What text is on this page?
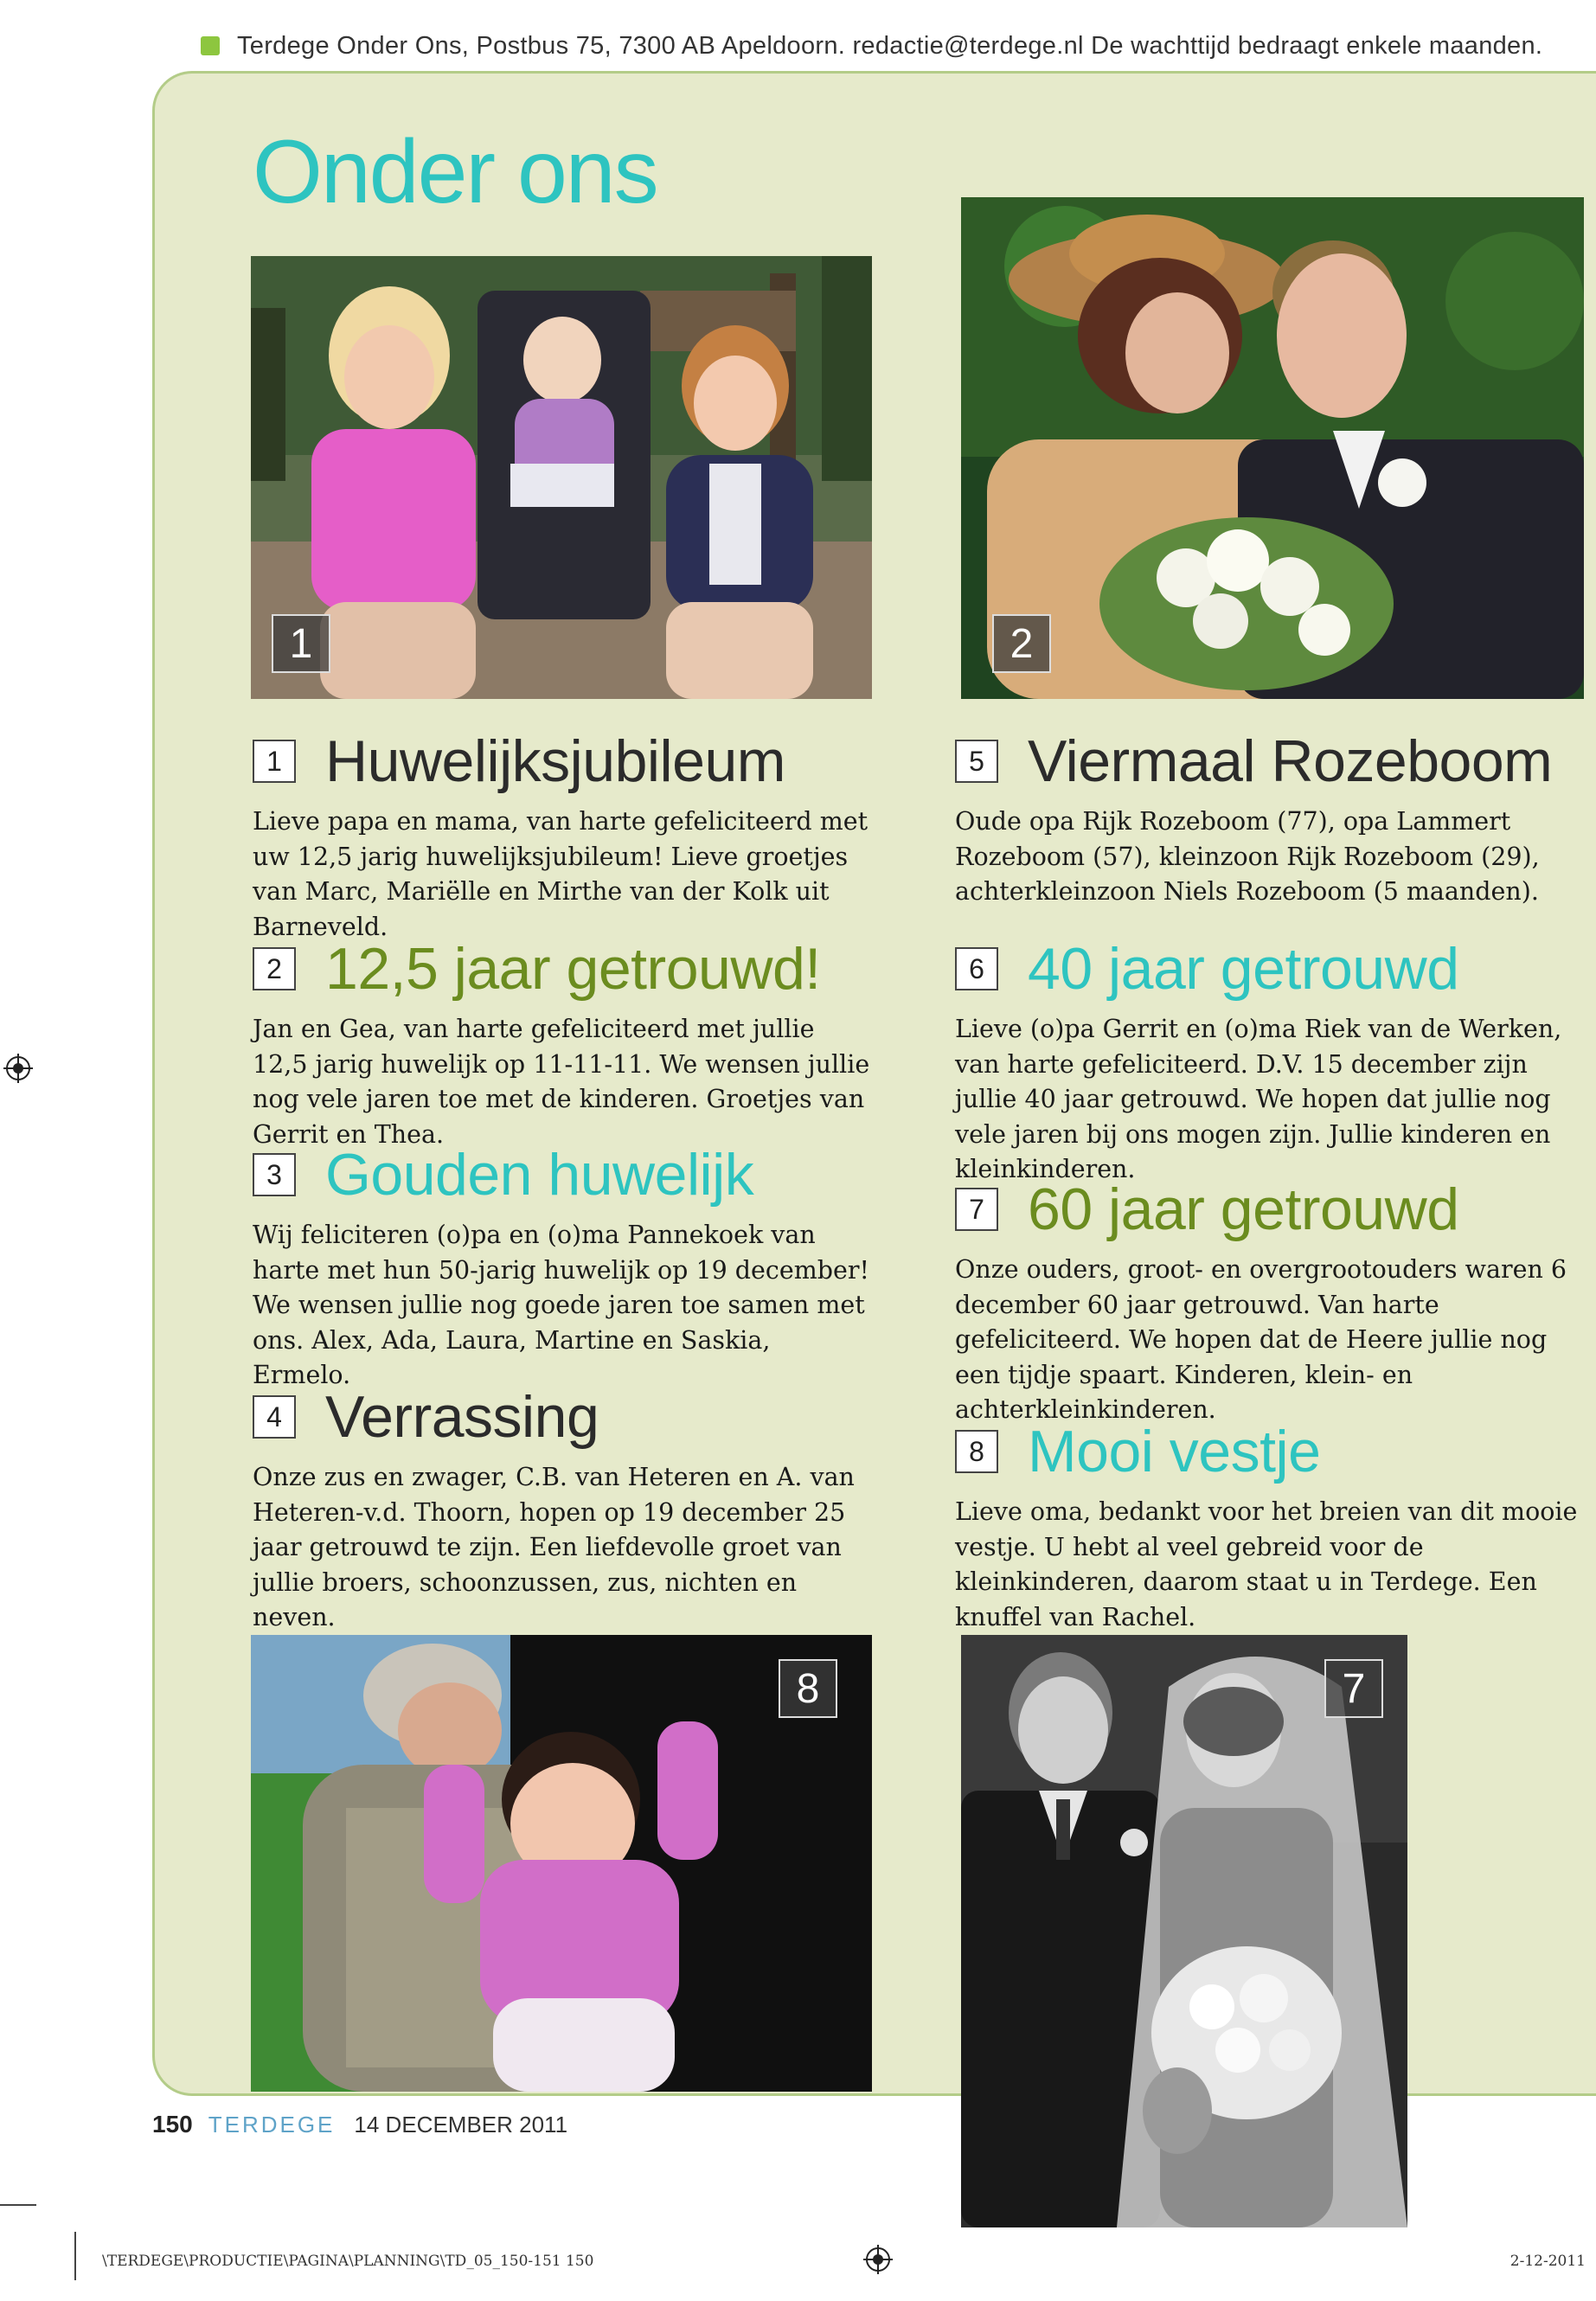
Terdege Onder Ons, Postbus 75, 7300 AB Apeldoorn. redactie@terdege.nl De wachttijd bedraagt enkele maanden.
Onder ons
1	2
1 Huwelijksjubileum

Lieve papa en mama, van harte gefeliciteerd met uw 12,5 jarig huwelijksjubileum! Lieve groetjes van Marc, Mariëlle en Mirthe van der Kolk uit Barneveld.

2 12,5 jaar getrouwd!

Jan en Gea, van harte gefeliciteerd met jullie 12,5 jarig huwelijk op 11-11-11. We wensen jullie nog vele jaren toe met de kinderen. Groetjes van Gerrit en Thea.

3 Gouden huwelijk

Wij feliciteren (o)pa en (o)ma Pannekoek van harte met hun 50-jarig huwelijk op 19 december! We wensen jullie nog goede jaren toe samen met ons. Alex, Ada, Laura, Martine en Saskia, Ermelo.

4 Verrassing

Onze zus en zwager, C.B. van Heteren en A. van Heteren-v.d. Thoorn, hopen op 19 december 25 jaar getrouwd te zijn. Een liefdevolle groet van jullie broers, schoonzussen, zus, nichten en neven.

5 Viermaal Rozeboom

Oude opa Rijk Rozeboom (77), opa Lammert Rozeboom (57), kleinzoon Rijk Rozeboom (29), achterkleinzoon Niels Rozeboom (5 maanden).

6 40 jaar getrouwd

Lieve (o)pa Gerrit en (o)ma Riek van de Werken, van harte gefeliciteerd. D.V. 15 december zijn jullie 40 jaar getrouwd. We hopen dat jullie nog vele jaren bij ons mogen zijn. Jullie kinderen en kleinkinderen.

7 60 jaar getrouwd

Onze ouders, groot- en overgrootouders waren 6 december 60 jaar getrouwd. Van harte gefeliciteerd. We hopen dat de Heere jullie nog een tijdje spaart. Kinderen, klein- en achterkleinkinderen.

8 Mooi vestje

Lieve oma, bedankt voor het breien van dit mooie vestje. U hebt al veel gebreid voor de kleinkinderen, daarom staat u in Terdege. Een knuffel van Rachel.

8	7
150 TERDEGE 14 DECEMBER 2011
\TERDEGE\PRODUCTIE\PAGINA\PLANNING\TD_05_150-151 150	2-12-2011
